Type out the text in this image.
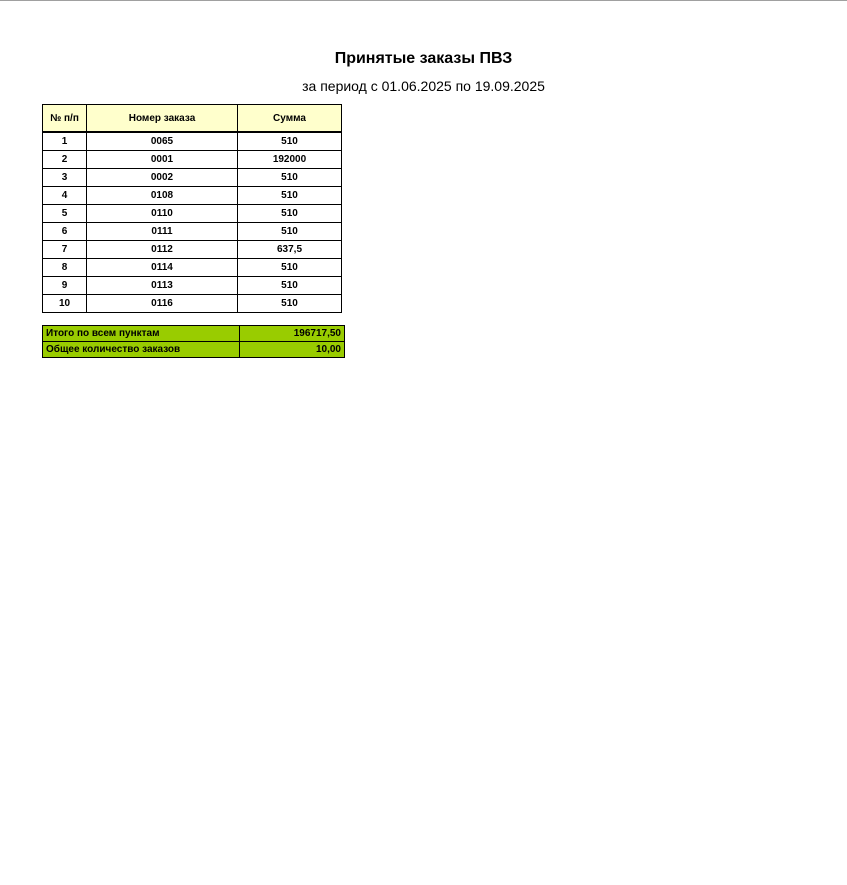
Принятые заказы ПВЗ
за период с 01.06.2025 по 19.09.2025
№ п/п	Номер заказа	Сумма
1	0065	510
2	0001	192000
3	0002	510
4	0108	510
5	0110	510
6	0111	510
7	0112	637,5
8	0114	510
9	0113	510
10	0116	510
Итого по всем пунктам	196717,50
Общее количество заказов	10,00
